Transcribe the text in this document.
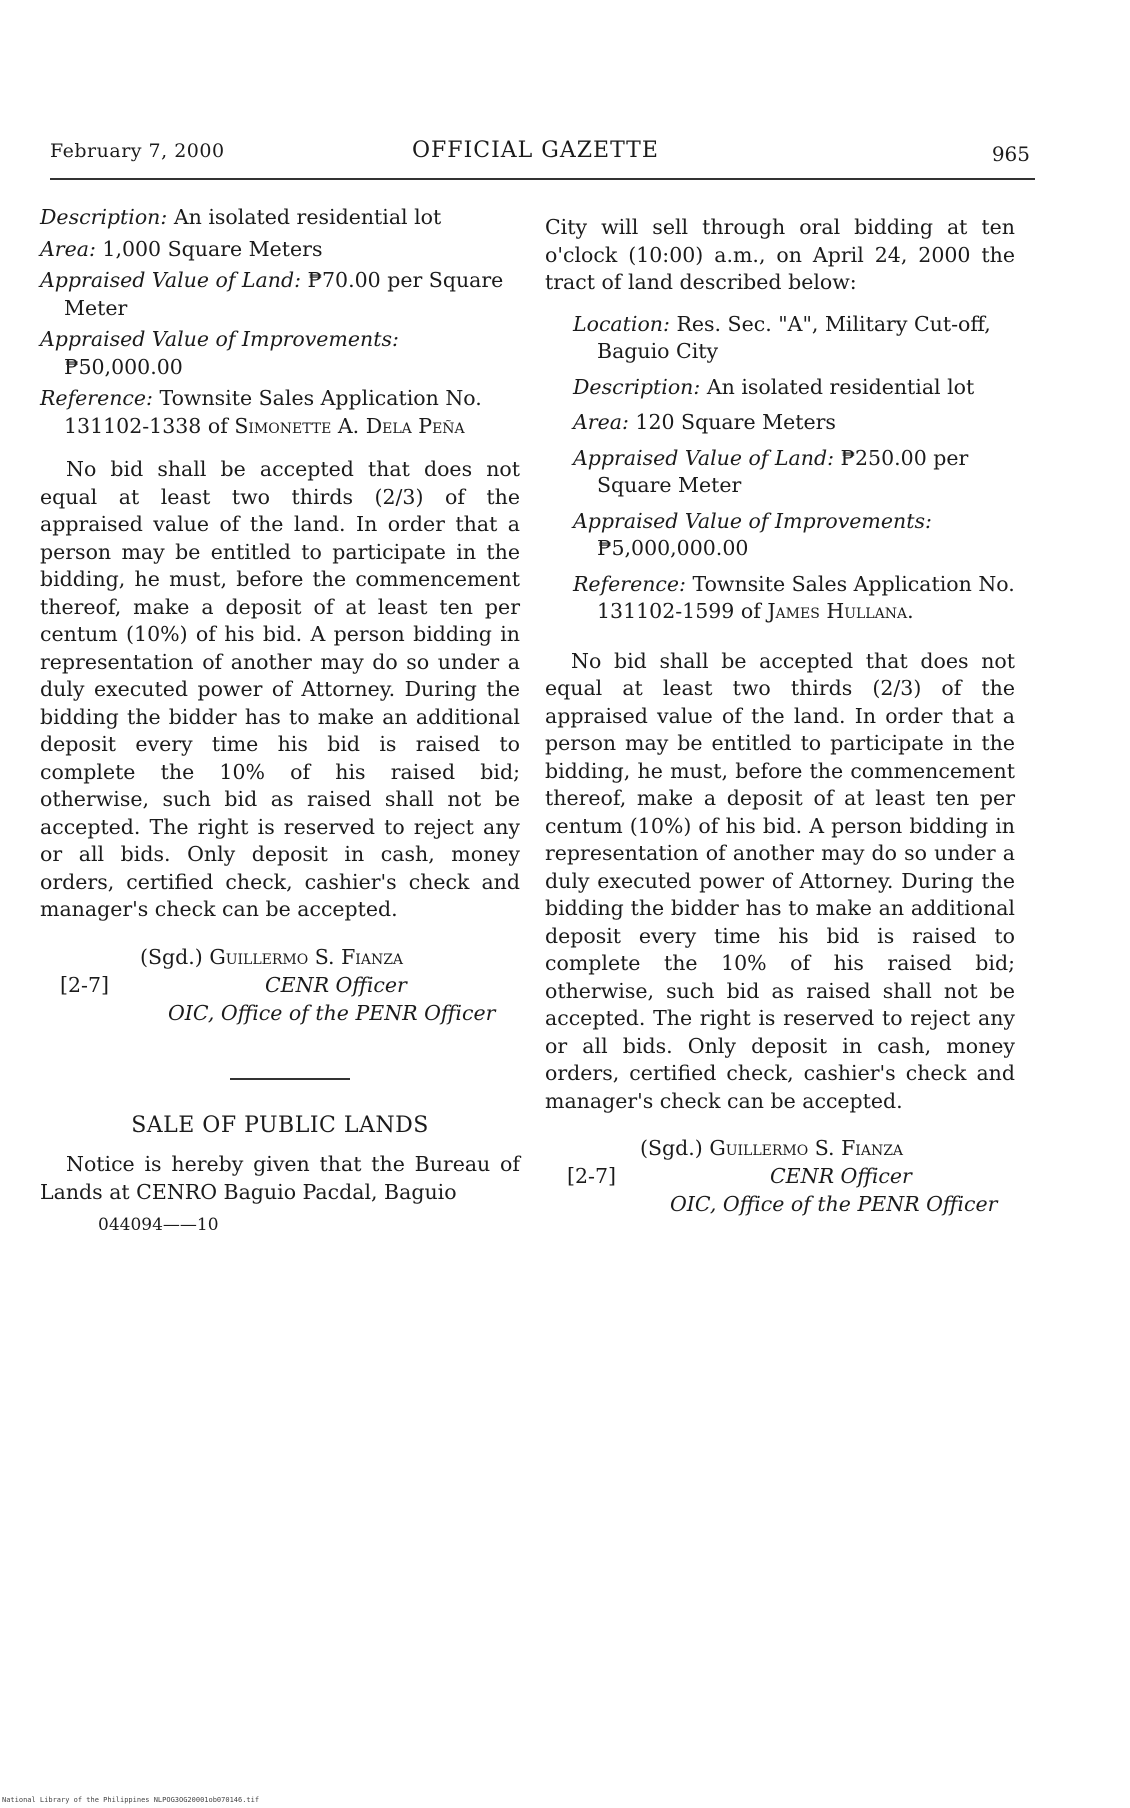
February 7, 2000	OFFICIAL GAZETTE	965
Description: An isolated residential lot
Area: 1,000 Square Meters
Appraised Value of Land: ₱70.00 per Square Meter
Appraised Value of Improvements: ₱50,000.00
Reference: Townsite Sales Application No. 131102-1338 of Simonette A. Dela Peña

No bid shall be accepted that does not equal at least two thirds (2/3) of the appraised value of the land. In order that a person may be entitled to participate in the bidding, he must, before the commencement thereof, make a deposit of at least ten per centum (10%) of his bid. A person bidding in representation of another may do so under a duly executed power of Attorney. During the bidding the bidder has to make an additional deposit every time his bid is raised to complete the 10% of his raised bid; otherwise, such bid as raised shall not be accepted. The right is reserved to reject any or all bids. Only deposit in cash, money orders, certified check, cashier's check and manager's check can be accepted.

(Sgd.) Guillermo S. Fianza
[2-7]	CENR Officer
OIC, Office of the PENR Officer
SALE OF PUBLIC LANDS

Notice is hereby given that the Bureau of Lands at CENRO Baguio Pacdal, Baguio

044094——10

City will sell through oral bidding at ten o'clock (10:00) a.m., on April 24, 2000 the tract of land described below:

Location: Res. Sec. "A", Military Cut-off, Baguio City
Description: An isolated residential lot
Area: 120 Square Meters
Appraised Value of Land: ₱250.00 per Square Meter
Appraised Value of Improvements: ₱5,000,000.00
Reference: Townsite Sales Application No. 131102-1599 of James Hullana.

No bid shall be accepted that does not equal at least two thirds (2/3) of the appraised value of the land. In order that a person may be entitled to participate in the bidding, he must, before the commencement thereof, make a deposit of at least ten per centum (10%) of his bid. A person bidding in representation of another may do so under a duly executed power of Attorney. During the bidding the bidder has to make an additional deposit every time his bid is raised to complete the 10% of his raised bid; otherwise, such bid as raised shall not be accepted. The right is reserved to reject any or all bids. Only deposit in cash, money orders, certified check, cashier's check and manager's check can be accepted.

(Sgd.) Guillermo S. Fianza
[2-7]	CENR Officer
OIC, Office of the PENR Officer
National Library of the Philippines NLPOG3OG20001ob070146.tif
